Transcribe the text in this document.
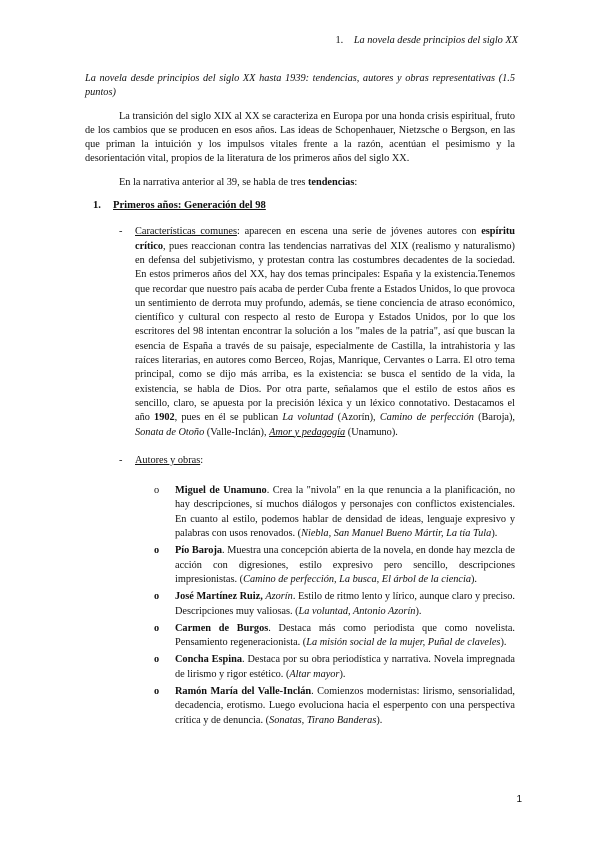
1. La novela desde principios del siglo XX

La novela desde principios del siglo XX hasta 1939: tendencias, autores y obras representativas (1.5 puntos)

La transición del siglo XIX al XX se caracteriza en Europa por una honda crisis espiritual, fruto de los cambios que se producen en esos años. Las ideas de Schopenhauer, Nietzsche o Bergson, en las que priman la intuición y los impulsos vitales frente a la razón, acentúan el pesimismo y la desorientación vital, propios de la literatura de los primeros años del siglo XX.

En la narrativa anterior al 39, se habla de tres tendencias:

1. Primeros años: Generación del 98

- Características comunes: aparecen en escena una serie de jóvenes autores con espíritu crítico, pues reaccionan contra las tendencias narrativas del XIX (realismo y naturalismo) en defensa del subjetivismo, y protestan contra las costumbres decadentes de la sociedad. En estos primeros años del XX, hay dos temas principales: España y la existencia.Tenemos que recordar que nuestro país acaba de perder Cuba frente a Estados Unidos, lo que provoca un sentimiento de derrota muy profundo, además, se tiene conciencia de atraso económico, científico y cultural con respecto al resto de Europa y Estados Unidos, por lo que los escritores del 98 intentan encontrar la solución a los "males de la patria", así que buscan la esencia de España a través de su paisaje, especialmente de Castilla, la intrahistoria y las raíces literarias, en autores como Berceo, Rojas, Manrique, Cervantes o Larra. El otro tema principal, como se dijo más arriba, es la existencia: se busca el sentido de la vida, la existencia, se habla de Dios. Por otra parte, señalamos que el estilo de estos años es sencillo, claro, se apuesta por la precisión léxica y un léxico connotativo. Destacamos el año 1902, pues en él se publican La voluntad (Azorín), Camino de perfección (Baroja), Sonata de Otoño (Valle-Inclán), Amor y pedagogía (Unamuno).

- Autores y obras:

o Miguel de Unamuno. Crea la "nivola" en la que renuncia a la planificación, no hay descripciones, sí muchos diálogos y personajes con conflictos existenciales. En cuanto al estilo, podemos hablar de densidad de ideas, lenguaje expresivo y palabras con usos renovados. (Niebla, San Manuel Bueno Mártir, La tía Tula).
o Pío Baroja. Muestra una concepción abierta de la novela, en donde hay mezcla de acción con digresiones, estilo expresivo pero sencillo, descripciones impresionistas. (Camino de perfección, La busca, El árbol de la ciencia).
o José Martínez Ruiz, Azorín. Estilo de ritmo lento y lírico, aunque claro y preciso. Descripciones muy valiosas. (La voluntad, Antonio Azorín).
o Carmen de Burgos. Destaca más como periodista que como novelista. Pensamiento regeneracionista. (La misión social de la mujer, Puñal de claveles).
o Concha Espina. Destaca por su obra periodística y narrativa. Novela impregnada de lirismo y rigor estético. (Altar mayor).
o Ramón María del Valle-Inclán. Comienzos modernistas: lirismo, sensorialidad, decadencia, erotismo. Luego evoluciona hacia el esperpento con una perspectiva crítica y de denuncia. (Sonatas, Tirano Banderas).
1
